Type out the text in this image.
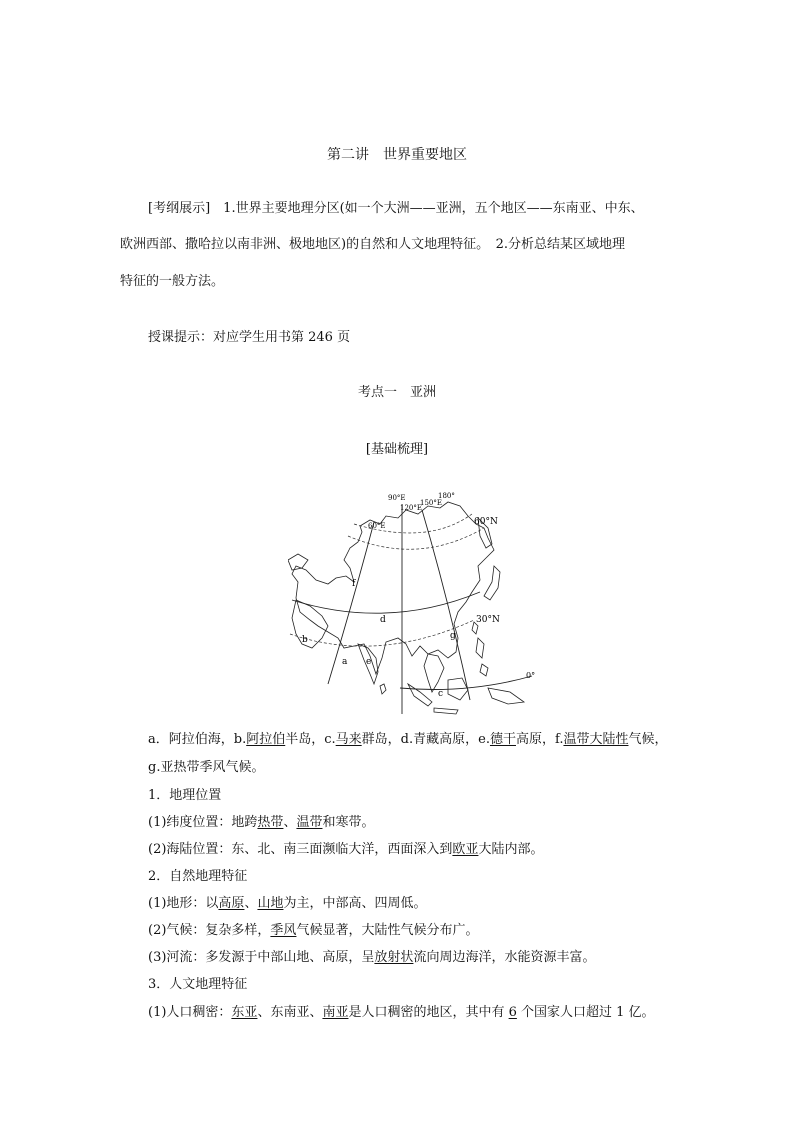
第二讲　世界重要地区
[考纲展示]　 1.世界主要地理分区(如一个大洲——亚洲，五个地区——东南亚、中东、
欧洲西部、撒哈拉以南非洲、极地地区)的自然和人文地理特征。　2.分析总结某区域地理
特征的一般方法。
授课提示：对应学生用书第 246 页
考点一　亚洲
[基础梳理]
90°E
120°E
150°E
180°
60°E	60°N
30°N
0°
f
d
g
b
a e
c
a．阿拉伯海，b.阿拉伯半岛，c.马来群岛，d.青藏高原，e.德干高原，f.温带大陆性气候，
g.亚热带季风气候。
1．地理位置
(1)纬度位置：地跨热带、温带和寒带。
(2)海陆位置：东、北、南三面濒临大洋，西面深入到欧亚大陆内部。
2．自然地理特征
(1)地形：以高原、山地为主，中部高、四周低。
(2)气候：复杂多样，季风气候显著，大陆性气候分布广。
(3)河流：多发源于中部山地、高原，呈放射状流向周边海洋，水能资源丰富。
3．人文地理特征
(1)人口稠密：东亚、东南亚、南亚是人口稠密的地区，其中有 6 个国家人口超过 1 亿。
